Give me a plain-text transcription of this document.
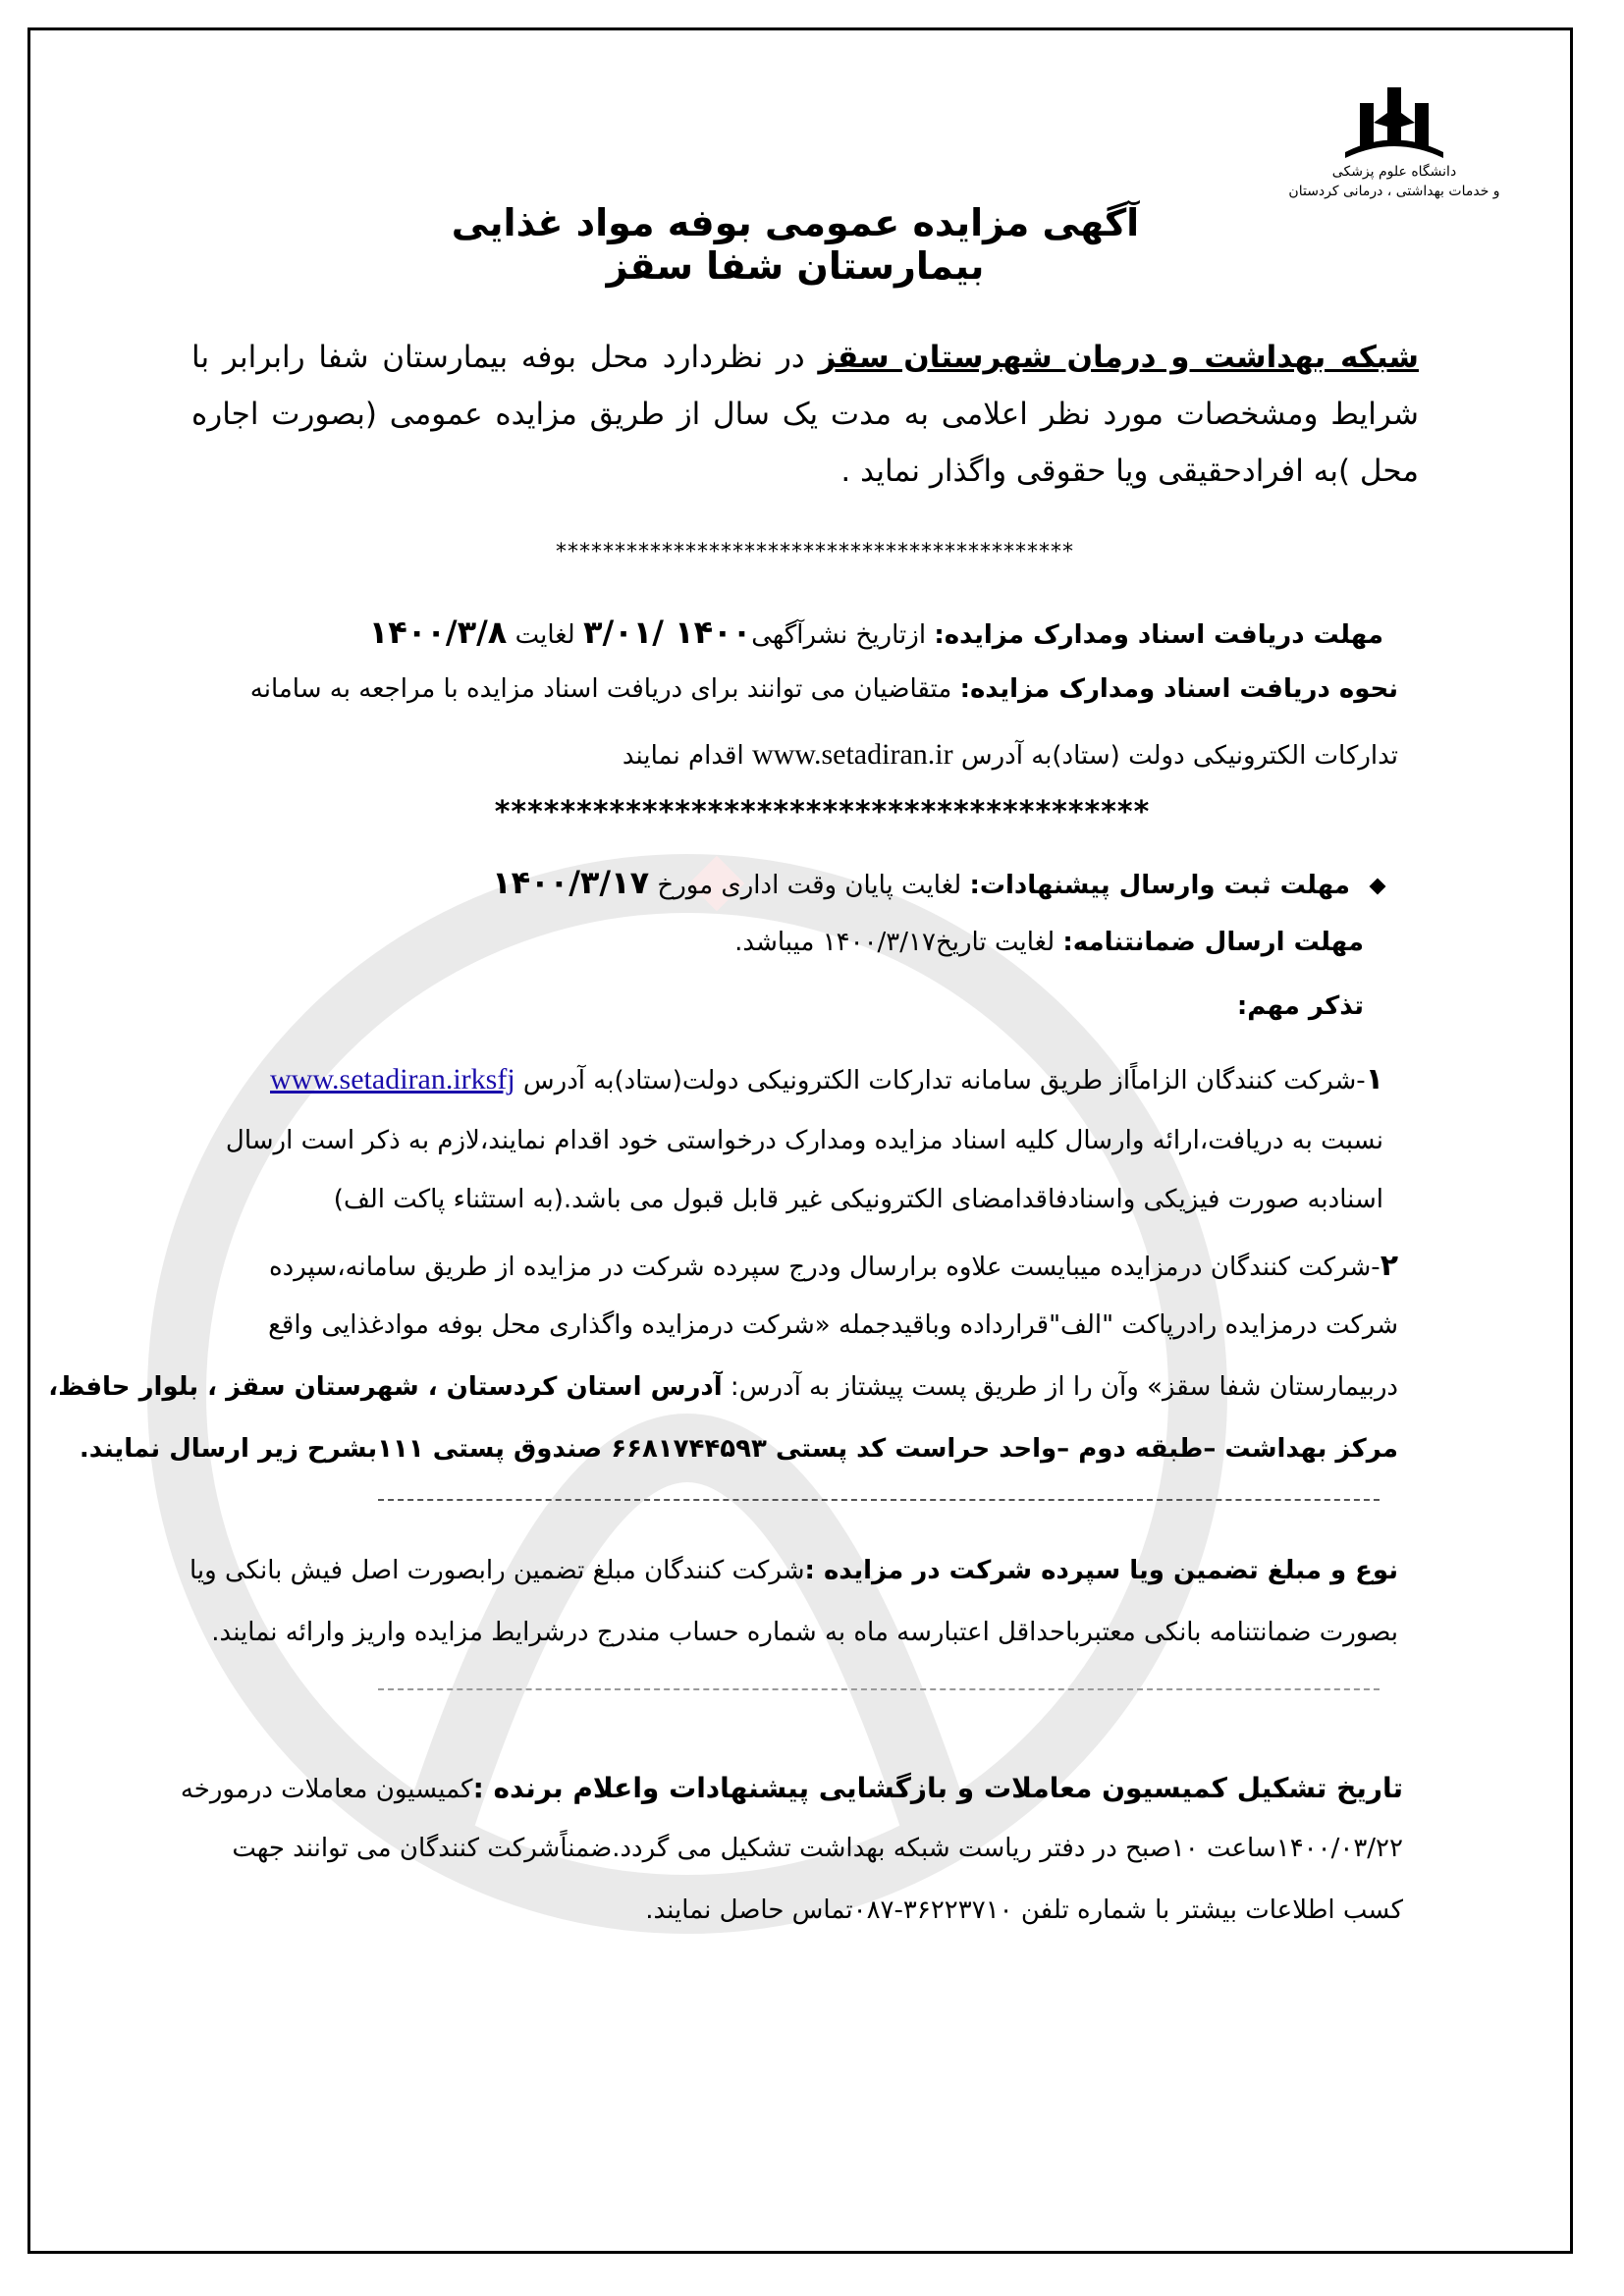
دانشگاه علوم پزشکی
و خدمات بهداشتی ، درمانی کردستان
آگهی مزایده عمومی بوفه مواد غذایی بیمارستان شفا سقز
شبکه بهداشت و درمان شهرستان سقز در نظردارد محل بوفه بیمارستان شفا رابرابر با شرایط ومشخصات مورد نظر اعلامی به مدت یک سال از طریق مزایده عمومی (بصورت اجاره محل )به افرادحقیقی ویا حقوقی واگذار نماید .
********************************************
مهلت دریافت اسناد ومدارک مزایده: ازتاریخ نشرآگهی۱۴۰۰ /۳/۰۱ لغایت ۱۴۰۰/۳/۸
نحوه دریافت اسناد ومدارک مزایده: متقاضیان می توانند برای دریافت اسناد مزایده با مراجعه به سامانه
تدارکات الکترونیکی دولت (ستاد)به آدرس www.setadiran.ir اقدام نمایند
****************************************
مهلت ثبت وارسال پیشنهادات: لغایت پایان وقت اداری مورخ ۱۴۰۰/۳/۱۷
مهلت ارسال ضمانتنامه: لغایت تاریخ۱۴۰۰/۳/۱۷ میباشد.
تذکر مهم:
۱-شرکت کنندگان الزاماًاز طریق سامانه تدارکات الکترونیکی دولت(ستاد)به آدرس www.setadiran.irksfj
نسبت به دریافت،ارائه وارسال کلیه اسناد مزایده ومدارک درخواستی خود اقدام نمایند،لازم به ذکر است ارسال
اسنادبه صورت فیزیکی واسنادفاقدامضای الکترونیکی غیر قابل قبول می باشد.(به استثناء پاکت الف)
۲-شرکت کنندگان درمزایده میبایست علاوه برارسال ودرج سپرده شرکت در مزایده از طریق سامانه،سپرده
شرکت درمزایده رادرپاکت "الف"قرارداده وباقیدجمله «شرکت درمزایده واگذاری محل بوفه موادغذایی واقع
دربیمارستان شفا سقز» وآن را از طریق پست پیشتاز به آدرس: آدرس استان کردستان ، شهرستان سقز ، بلوار حافظ،
مرکز بهداشت –طبقه دوم –واحد حراست کد پستی ۶۶۸۱۷۴۴۵۹۳ صندوق پستی ۱۱۱بشرح زیر ارسال نمایند.
نوع و مبلغ تضمین ویا سپرده شرکت در مزایده :شرکت کنندگان مبلغ تضمین رابصورت اصل فیش بانکی ویا
بصورت ضمانتنامه بانکی معتبرباحداقل اعتبارسه ماه به شماره حساب مندرج درشرایط مزایده واریز وارائه نمایند.
تاریخ تشکیل کمیسیون معاملات و بازگشایی پیشنهادات واعلام برنده :کمیسیون معاملات درمورخه
۱۴۰۰/۰۳/۲۲ساعت ۱۰صبح در دفتر ریاست شبکه بهداشت تشکیل می گردد.ضمناًشرکت کنندگان می توانند جهت
کسب اطلاعات بیشتر با شماره تلفن ۳۶۲۲۳۷۱۰-۰۸۷تماس حاصل نمایند.
